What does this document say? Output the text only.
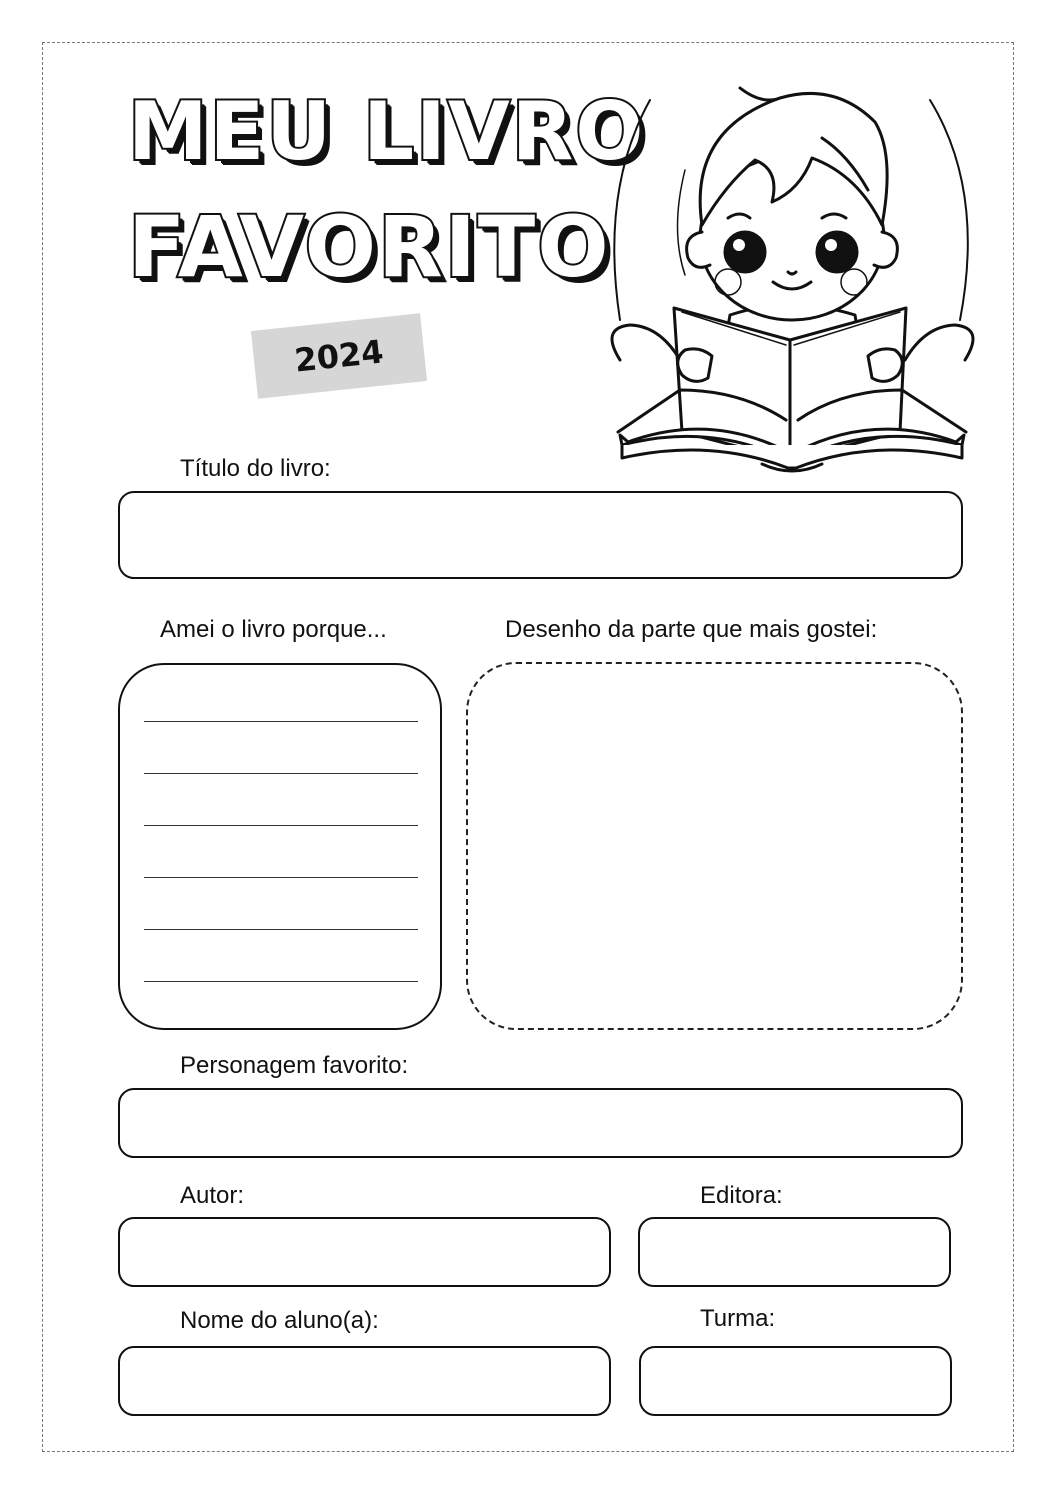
MEU LIVRO
FAVORITO
2024
Título do livro:
Amei o livro porque...	Desenho da parte que mais gostei:
Personagem favorito:
Autor:	Editora:
Nome do aluno(a):	Turma:
